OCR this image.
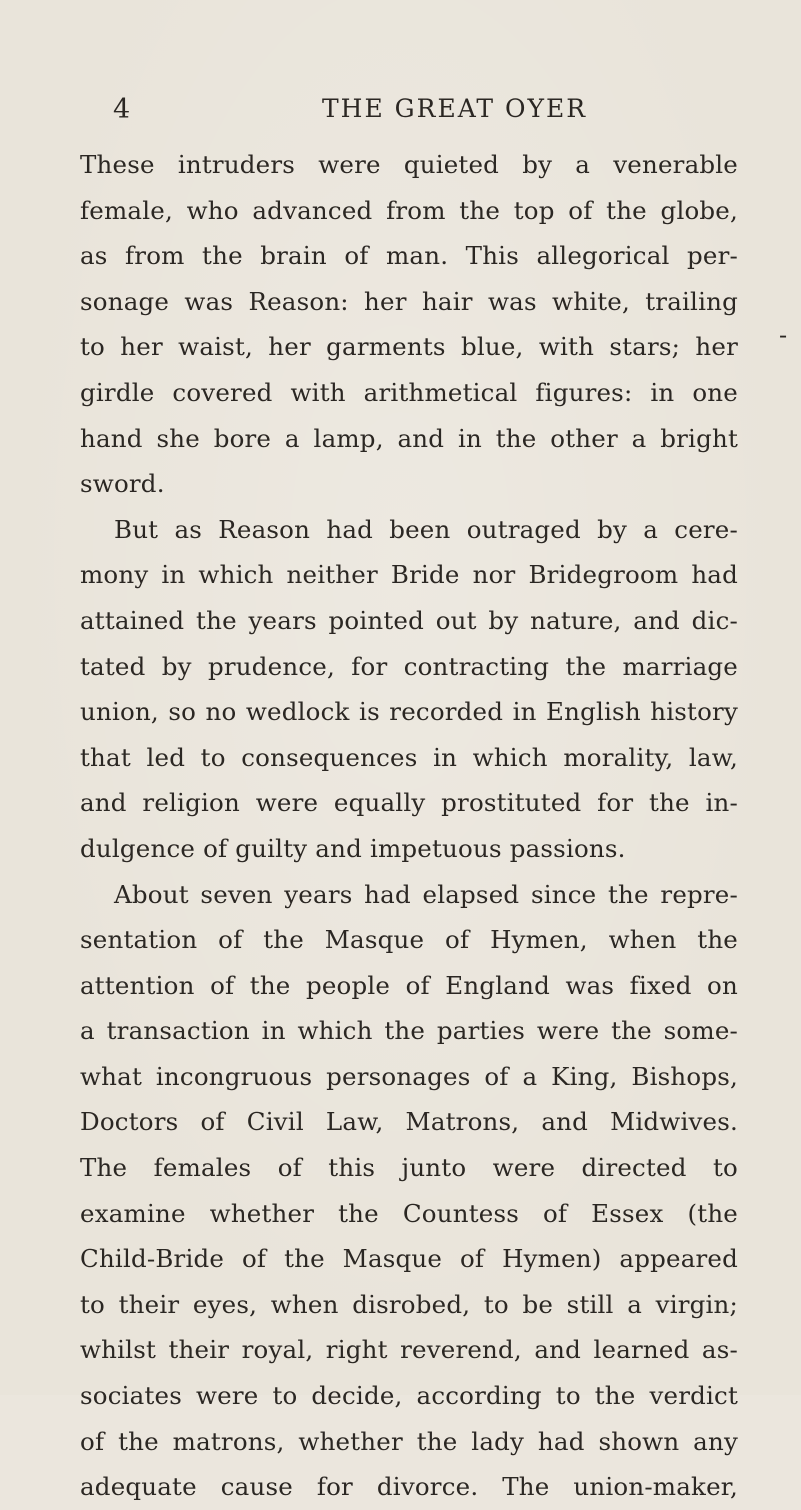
4	THE GREAT OYER
These intruders were quieted by a venerable
female, who advanced from the top of the globe,
as from the brain of man. This allegorical per-
sonage was Reason: her hair was white, trailing
to her waist, her garments blue, with stars; her
girdle covered with arithmetical figures: in one
hand she bore a lamp, and in the other a bright
sword.
But as Reason had been outraged by a cere-
mony in which neither Bride nor Bridegroom had
attained the years pointed out by nature, and dic-
tated by prudence, for contracting the marriage
union, so no wedlock is recorded in English history
that led to consequences in which morality, law,
and religion were equally prostituted for the in-
dulgence of guilty and impetuous passions.
About seven years had elapsed since the repre-
sentation of the Masque of Hymen, when the
attention of the people of England was fixed on
a transaction in which the parties were the some-
what incongruous personages of a King, Bishops,
Doctors of Civil Law, Matrons, and Midwives.
The females of this junto were directed to
examine whether the Countess of Essex (the
Child-Bride of the Masque of Hymen) appeared
to their eyes, when disrobed, to be still a virgin;
whilst their royal, right reverend, and learned as-
sociates were to decide, according to the verdict
of the matrons, whether the lady had shown any
adequate cause for divorce. The union-maker,
-
